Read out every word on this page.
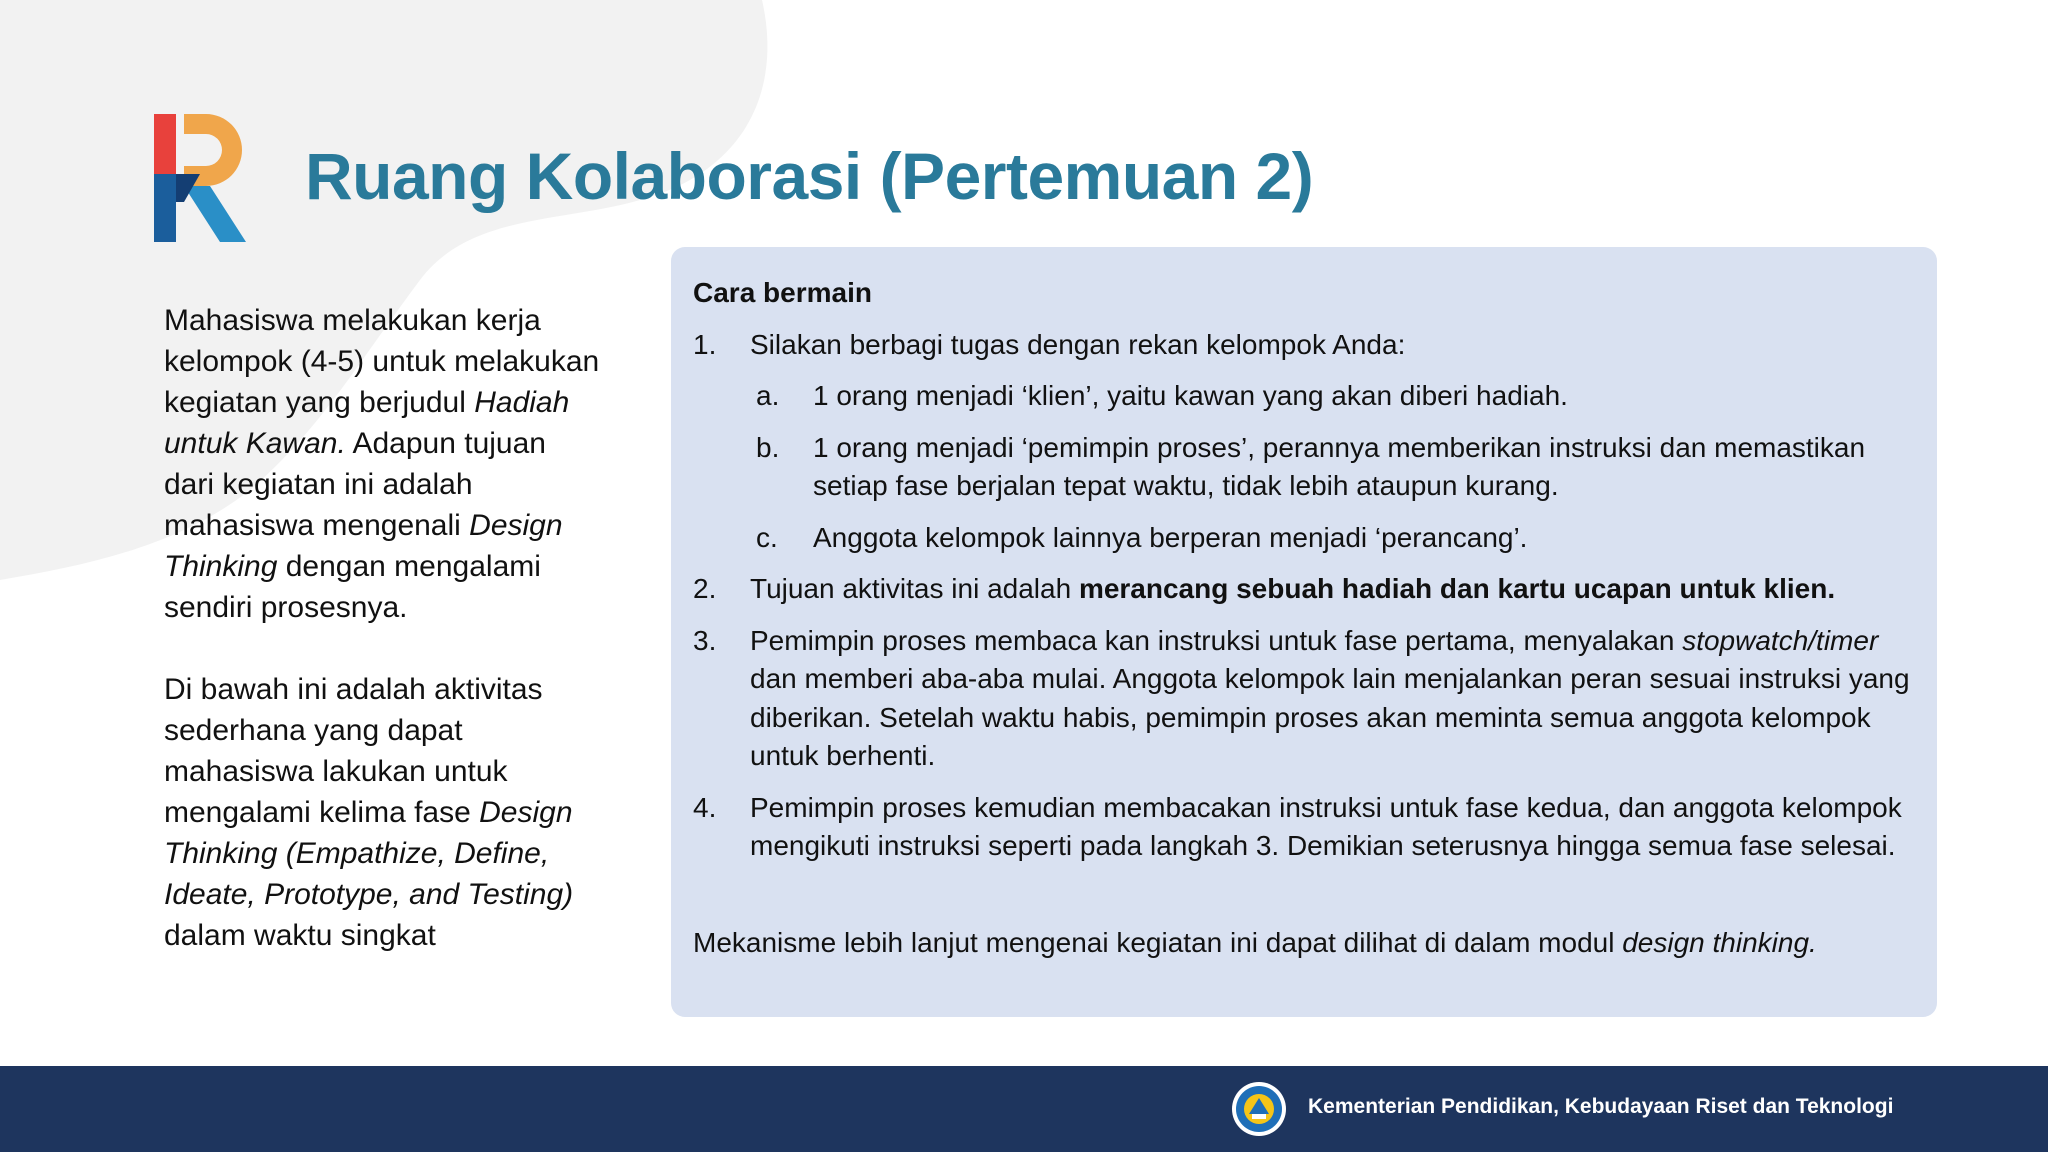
Ruang Kolaborasi (Pertemuan 2)

Mahasiswa melakukan kerja kelompok (4-5) untuk melakukan kegiatan yang berjudul Hadiah untuk Kawan. Adapun tujuan dari kegiatan ini adalah mahasiswa mengenali Design Thinking dengan mengalami sendiri prosesnya.

Di bawah ini adalah aktivitas sederhana yang dapat mahasiswa lakukan untuk mengalami kelima fase Design Thinking (Empathize, Define, Ideate, Prototype, and Testing) dalam waktu singkat

Cara bermain
1. Silakan berbagi tugas dengan rekan kelompok Anda:
a. 1 orang menjadi ‘klien’, yaitu kawan yang akan diberi hadiah.
b. 1 orang menjadi ‘pemimpin proses’, perannya memberikan instruksi dan memastikan setiap fase berjalan tepat waktu, tidak lebih ataupun kurang.
c. Anggota kelompok lainnya berperan menjadi ‘perancang’.
2. Tujuan aktivitas ini adalah merancang sebuah hadiah dan kartu ucapan untuk klien.
3. Pemimpin proses membaca kan instruksi untuk fase pertama, menyalakan stopwatch/timer dan memberi aba-aba mulai. Anggota kelompok lain menjalankan peran sesuai instruksi yang diberikan. Setelah waktu habis, pemimpin proses akan meminta semua anggota kelompok untuk berhenti.
4. Pemimpin proses kemudian membacakan instruksi untuk fase kedua, dan anggota kelompok mengikuti instruksi seperti pada langkah 3. Demikian seterusnya hingga semua fase selesai.
Mekanisme lebih lanjut mengenai kegiatan ini dapat dilihat di dalam modul design thinking.
Kementerian Pendidikan, Kebudayaan Riset dan Teknologi
